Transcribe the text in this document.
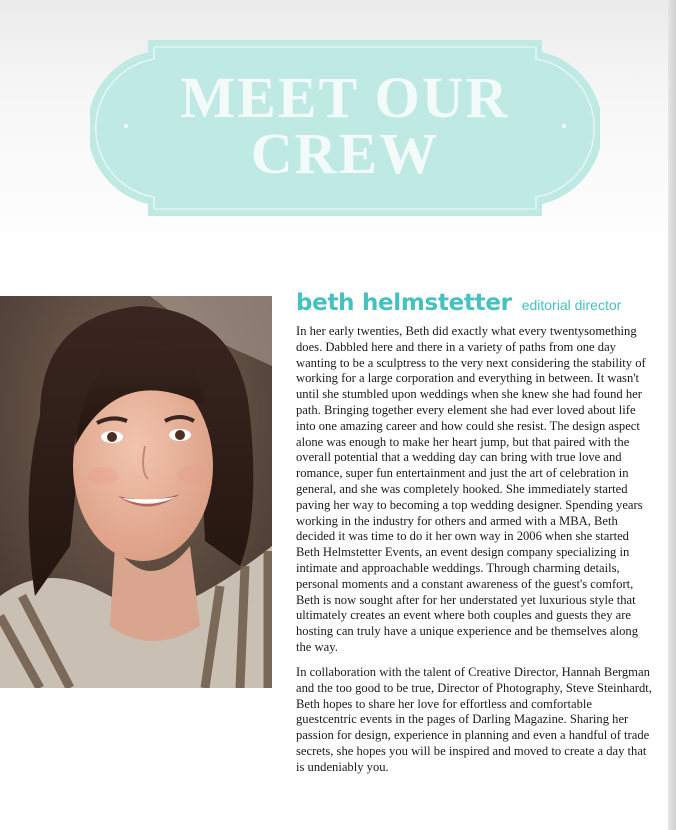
MEET OUR
CREW
beth helmstetter editorial director

In her early twenties, Beth did exactly what every twentysomething does. Dabbled here and there in a variety of paths from one day wanting to be a sculptress to the very next considering the stability of working for a large corporation and everything in between. It wasn't until she stumbled upon weddings when she knew she had found her path. Bringing together every element she had ever loved about life into one amazing career and how could she resist. The design aspect alone was enough to make her heart jump, but that paired with the overall potential that a wedding day can bring with true love and romance, super fun entertainment and just the art of celebration in general, and she was completely hooked. She immediately started paving her way to becoming a top wedding designer. Spending years working in the industry for others and armed with a MBA, Beth decided it was time to do it her own way in 2006 when she started Beth Helmstetter Events, an event design company specializing in intimate and approachable weddings. Through charming details, personal moments and a constant awareness of the guest's comfort, Beth is now sought after for her understated yet luxurious style that ultimately creates an event where both couples and guests they are hosting can truly have a unique experience and be themselves along the way.

In collaboration with the talent of Creative Director, Hannah Bergman and the too good to be true, Director of Photography, Steve Steinhardt, Beth hopes to share her love for effortless and comfortable guestcentric events in the pages of Darling Magazine. Sharing her passion for design, experience in planning and even a handful of trade secrets, she hopes you will be inspired and moved to create a day that is undeniably you.
